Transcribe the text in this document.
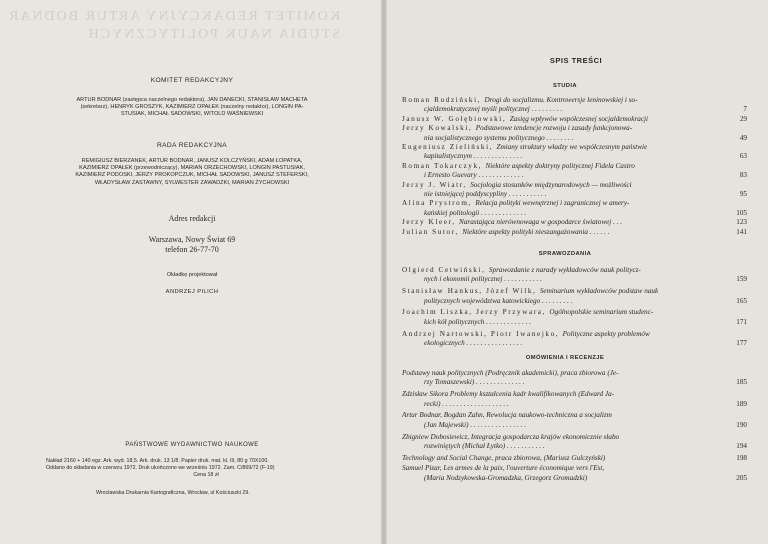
KOMITET REDAKCYJNY ARTUR BODNAR
STUDIA NAUK POLITYCZNYCH
KOMITET REDAKCYJNY
ARTUR BODNAR (zastępca naczelnego redaktora), JAN DANECKI, STANISŁAW MACHETA
(sekretarz), HENRYK GROSZYK, KAZIMIERZ OPAŁEK (naczelny redaktor), LONGIN PA-
STUSIAK, MICHAŁ SADOWSKI, WITOLD WAŚNIEWSKI
RADA REDAKCYJNA
REMIGIUSZ BIERZANEK, ARTUR BODNAR, JANUSZ KOLCZYŃSKI, ADAM ŁOPATKA,
KAZIMIERZ OPAŁEK (przewodniczący), MARIAN ORZECHOWSKI, LONGIN PASTUSIAK,
KAZIMIERZ PODOSKI, JERZY PROKOPCZUK, MICHAŁ SADOWSKI, JANUSZ STEFERSKI,
WŁADYSŁAW ZASTAWNY, SYLWESTER ZAWADZKI, MARIAN ŻYCHOWSKI
Adres redakcji
Warszawa, Nowy Świat 69
telefon 26-77-70
Okładkę projektował
ANDRZEJ PILICH
PAŃSTWOWE WYDAWNICTWO NAUKOWE
Nakład 2160 + 140 egz. Ark. wyd. 18,5. Ark. druk. 13 1/8. Papier druk. mat. kl. III, 80 g 70X100.
Oddano do składania w czerwcu 1972. Druk ukończono we wrześniu 1972. Zam. C/869/72 (F-19)
Cena 18 zł
Wrocławska Drukarnia Kartograficzna, Wrocław, ul Kościuszki 29.
SPIS TREŚCI
STUDIA
Roman Rudziński, Drogi do socjalizmu. Kontrowersje leninowskiej i so-
cjaldemokratycznej myśli politycznej . . . . . . . . .	7
Janusz W. Gołębiowski, Zasięg wpływów współczesnej socjaldemokracji	29
Jerzy Kowalski, Podstawowe tendencje rozwoju i zasady funkcjonowa-
nia socjalistycznego systemu politycznego . . . . . . . .	49
Eugeniusz Zieliński, Zmiany struktury władzy we współczesnym państwie
kapitalistycznym . . . . . . . . . . . . . .	63
Roman Tokarczyk, Niektóre aspekty doktryny politycznej Fidela Castro
i Ernesto Guevary . . . . . . . . . . . . .	83
Jerzy J. Wiatr, Socjologia stosunków międzynarodowych — możliwości
nie istniejącej poddyscypliny . . . . . . . . . . .	95
Alina Prystrom, Relacja polityki wewnętrznej i zagranicznej w amery-
kańskiej politologii . . . . . . . . . . . . .	105
Jerzy Kleer, Narastająca nierównowaga w gospodarce światowej . . .	123
Julian Sutor, Niektóre aspekty polityki nieszangażowania . . . . . .	141
SPRAWOZDANIA
Olgierd Cetwiński, Sprawozdanie z narady wykładowców nauk politycz-
nych i ekonomii politycznej . . . . . . . . . . .	159
Stanisław Hankus, Józef Wilk, Seminarium wykładowców podstaw nauk
politycznych województwa katowickiego . . . . . . . . .	165
Joachim Liszka, Jerzy Przywara, Ogólnopolskie seminarium studenc-
kich kół politycznych . . . . . . . . . . . . .	171
Andrzej Nartowski, Piotr Iwanejko, Polityczne aspekty problemów
ekologicznych . . . . . . . . . . . . . . . .	177
OMÓWIENIA I RECENZJE
Podstawy nauk politycznych (Podręcznik akademicki), praca zbiorowa (Je-
rzy Tomaszewski) . . . . . . . . . . . . . .	185
Zdzisław Sikora Problemy kształcenia kadr kwalifikowanych (Edward Ja-
recki) . . . . . . . . . . . . . . . . . . .	189
Artur Bodnar, Bogdan Zahn, Rewolucja naukowo-techniczna a socjalizm
(Jan Majewski) . . . . . . . . . . . . . . . .	190
Zbigniew Dobosiewicz, Integracja gospodarcza krajów ekonomicznie słabo
rozwiniętych (Michał Łytko) . . . . . . . . . . .	194
Technology and Social Change, praca zbiorowa, (Mariusz Gulczyński)	198
Samuel Pizar, Les armes de la paix, l'ouverture économique vers l'Est,
(Maria Nodzykowska-Gromadzka, Grzegorz Gromadzki)	205
